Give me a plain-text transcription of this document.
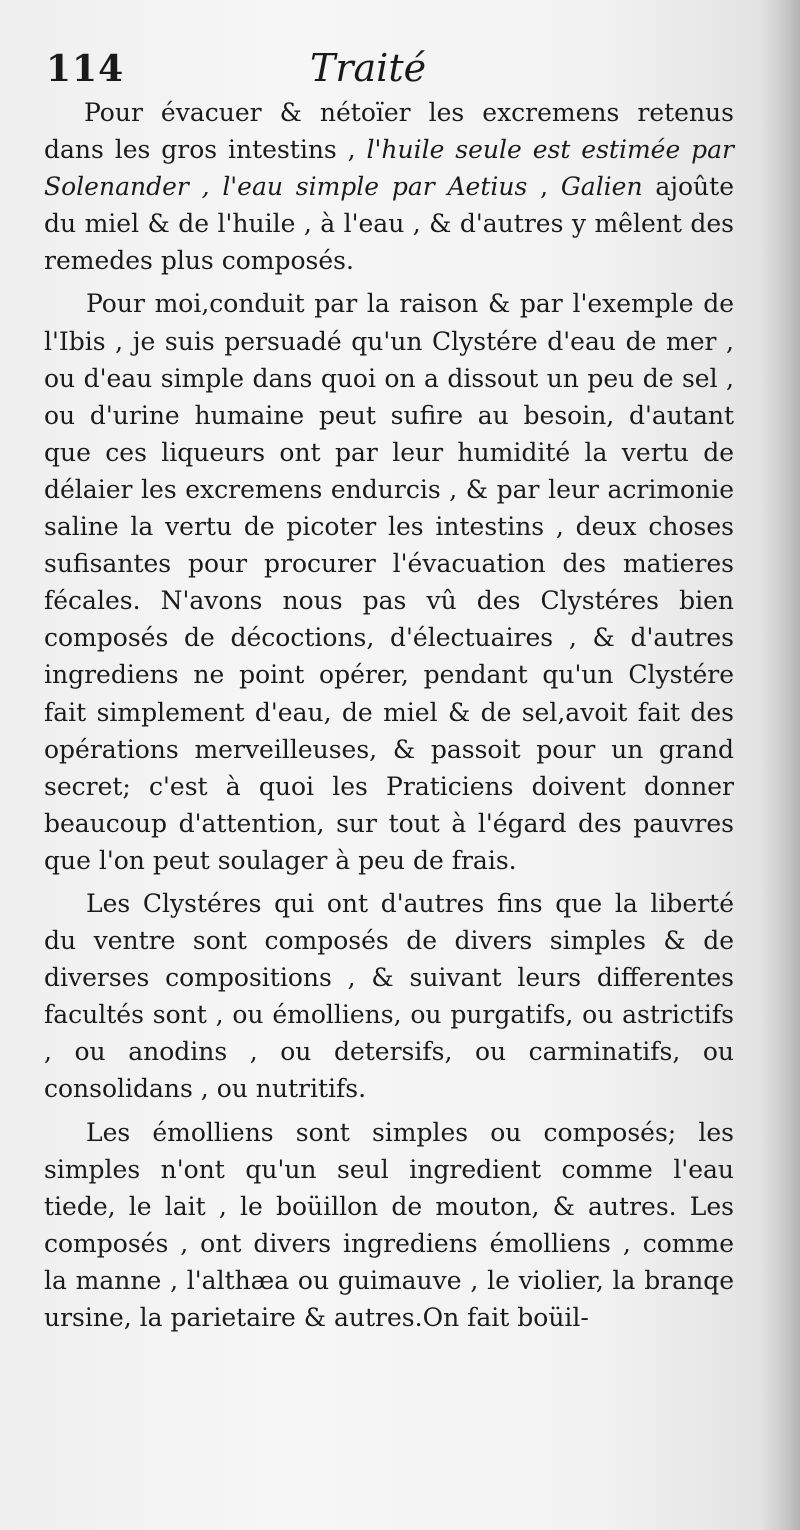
114	Traité

Pour évacuer & nétoïer les excremens retenus dans les gros intestins , l'huile seule est estimée par Solenander , l'eau simple par Aetius , Galien ajoûte du miel & de l'huile , à l'eau , & d'autres y mêlent des remedes plus composés.

Pour moi,conduit par la raison & par l'exemple de l'Ibis , je suis persuadé qu'un Clystére d'eau de mer , ou d'eau simple dans quoi on a dissout un peu de sel , ou d'urine humaine peut sufire au besoin, d'autant que ces liqueurs ont par leur humidité la vertu de délaier les excremens endurcis , & par leur acrimonie saline la vertu de picoter les intestins , deux choses sufisantes pour procurer l'évacuation des matieres fécales. N'avons nous pas vû des Clystéres bien composés de décoctions, d'électuaires , & d'autres ingrediens ne point opérer, pendant qu'un Clystére fait simplement d'eau, de miel & de sel,avoit fait des opérations merveilleuses, & passoit pour un grand secret; c'est à quoi les Praticiens doivent donner beaucoup d'attention, sur tout à l'égard des pauvres que l'on peut soulager à peu de frais.

Les Clystéres qui ont d'autres fins que la liberté du ventre sont composés de divers simples & de diverses compositions , & suivant leurs differentes facultés sont , ou émolliens, ou purgatifs, ou astrictifs , ou anodins , ou detersifs, ou carminatifs, ou consolidans , ou nutritifs.

Les émolliens sont simples ou composés; les simples n'ont qu'un seul ingredient comme l'eau tiede, le lait , le boüillon de mouton, & autres. Les composés , ont divers ingrediens émolliens , comme la manne , l'althæa ou guimauve , le violier, la branqe ursine, la parietaire & autres.On fait boüil-
